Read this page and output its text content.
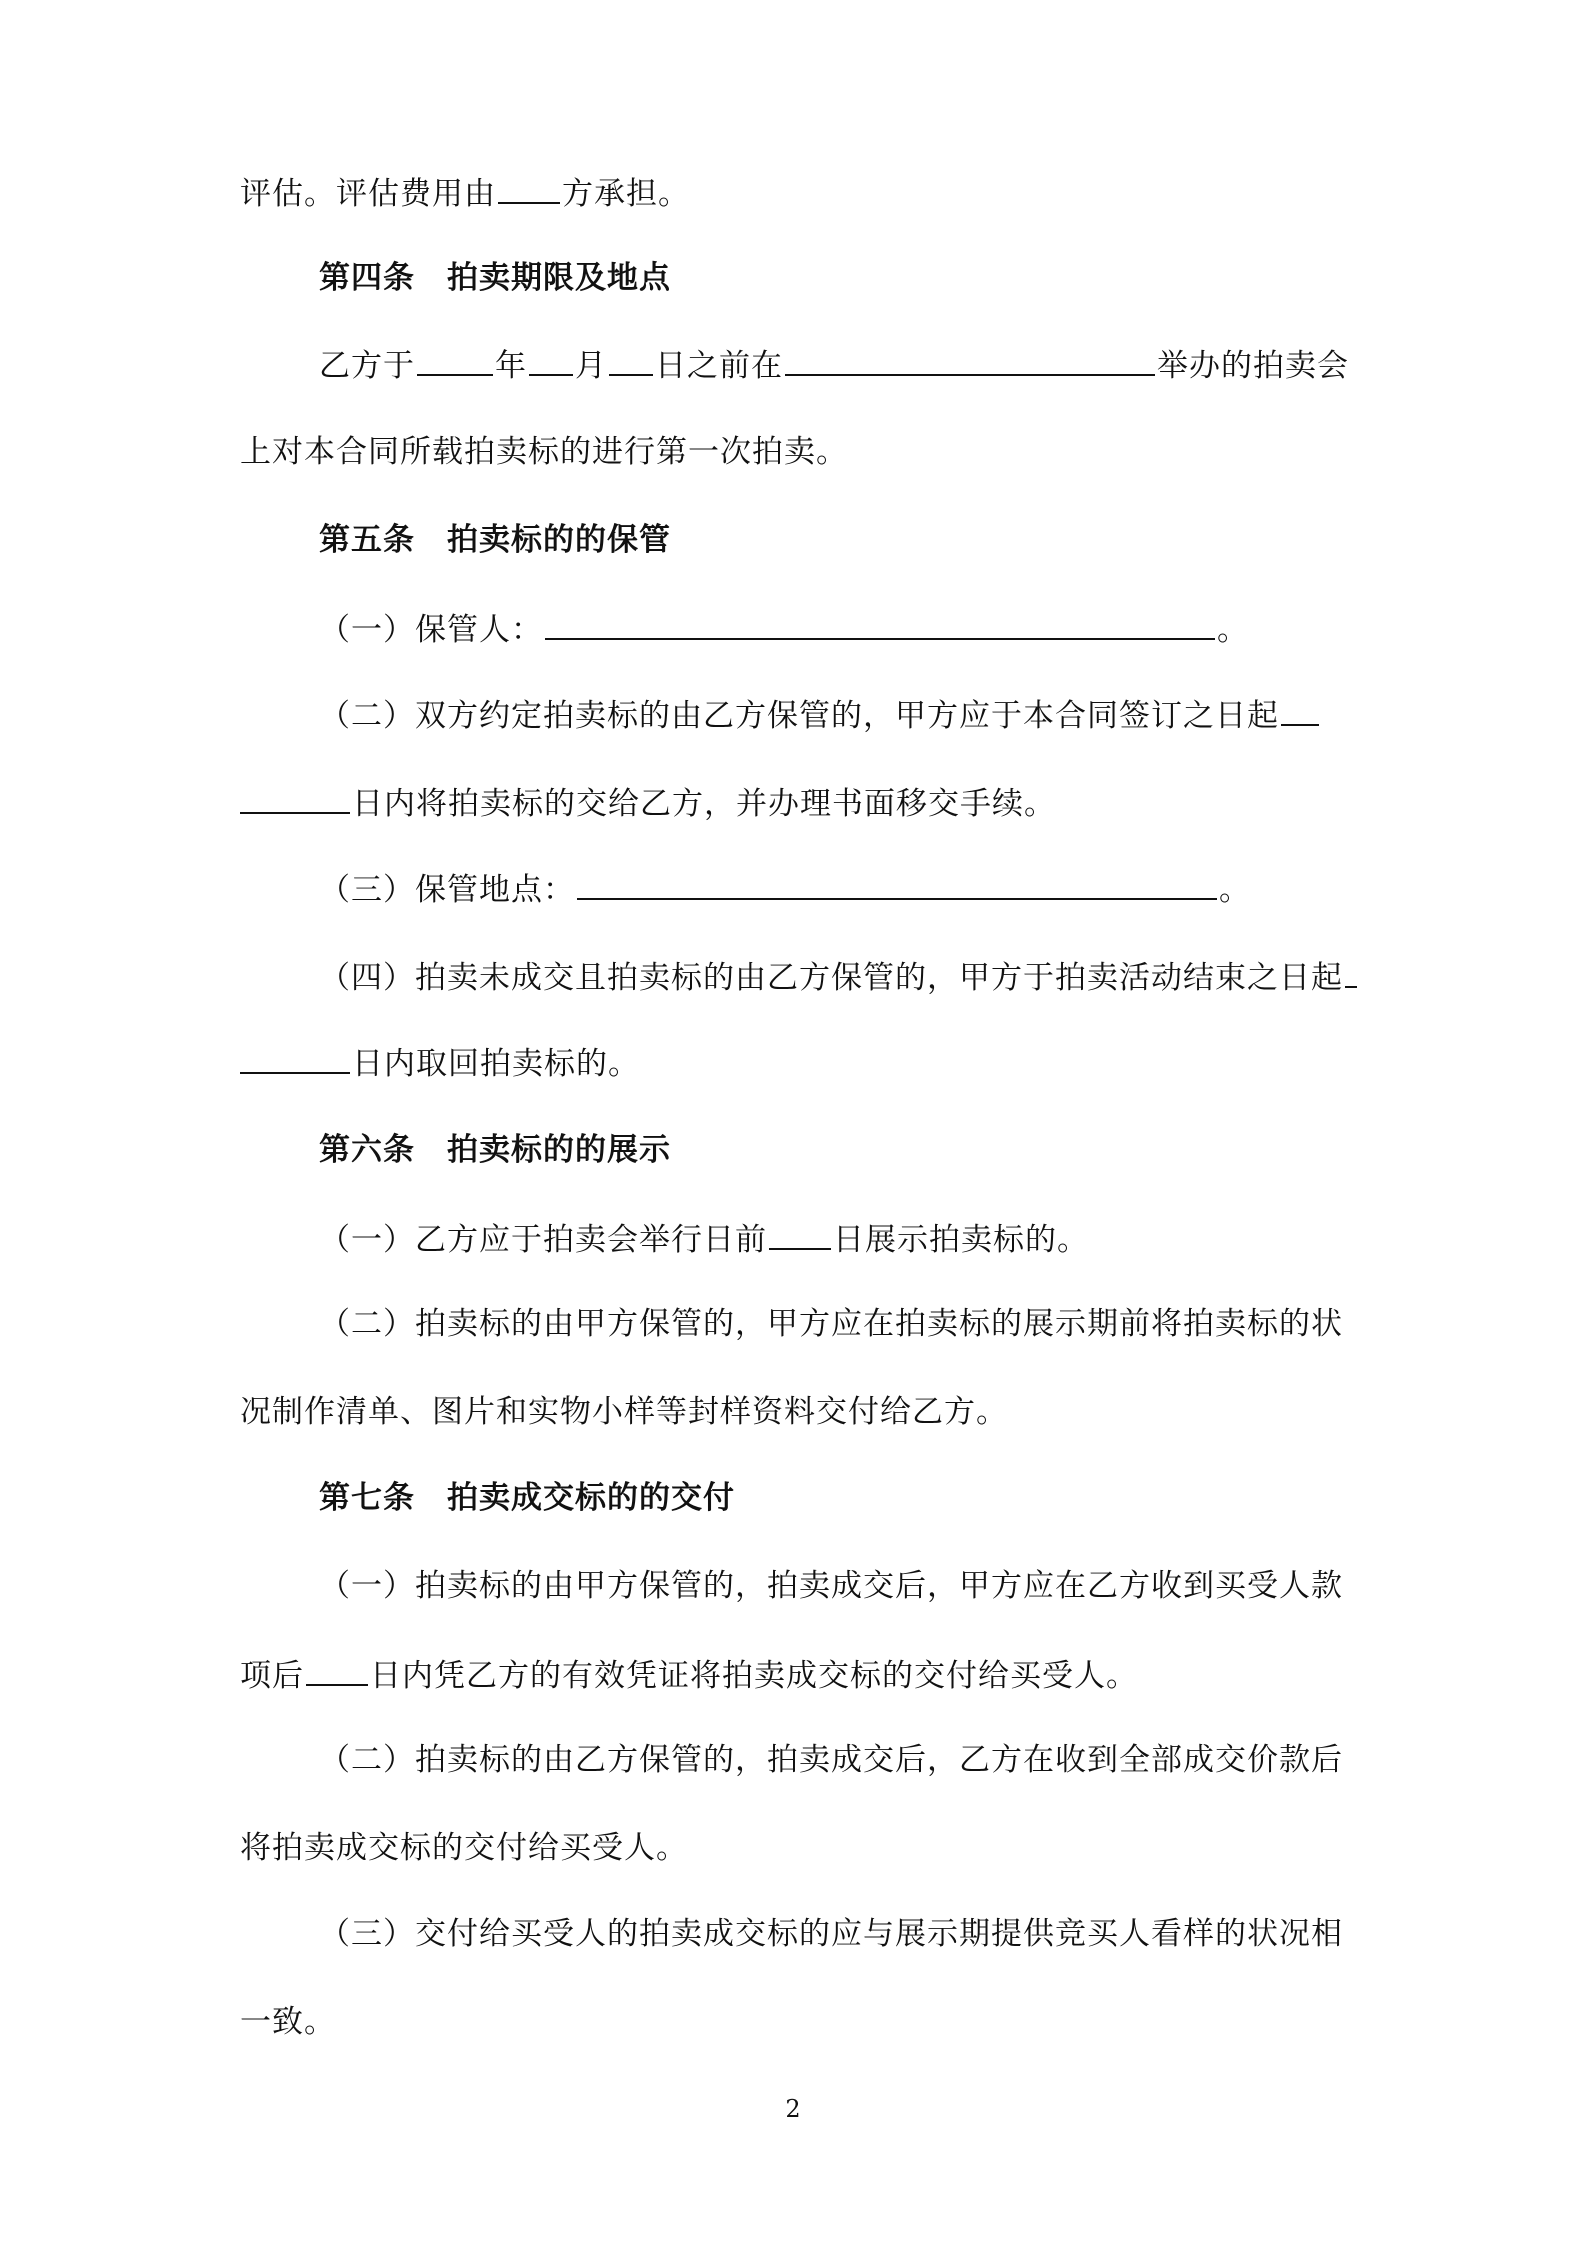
评估。评估费用由 方承担。
第四条 拍卖期限及地点
乙方于	年 月 日之前在	举办的拍卖会
上对本合同所载拍卖标的进行第一次拍卖。
第五条 拍卖标的的保管
（一）保管人：	。
（二）双方约定拍卖标的由乙方保管的，甲方应于本合同签订之日起
日内将拍卖标的交给乙方，并办理书面移交手续。
（三）保管地点：	。
（四）拍卖未成交且拍卖标的由乙方保管的，甲方于拍卖活动结束之日起
日内取回拍卖标的。
第六条 拍卖标的的展示
（一）乙方应于拍卖会举行日前 日展示拍卖标的。
（二）拍卖标的由甲方保管的，甲方应在拍卖标的展示期前将拍卖标的状
况制作清单、图片和实物小样等封样资料交付给乙方。
第七条 拍卖成交标的的交付
（一）拍卖标的由甲方保管的，拍卖成交后，甲方应在乙方收到买受人款
项后 日内凭乙方的有效凭证将拍卖成交标的交付给买受人。
（二）拍卖标的由乙方保管的，拍卖成交后，乙方在收到全部成交价款后
将拍卖成交标的交付给买受人。
（三）交付给买受人的拍卖成交标的应与展示期提供竞买人看样的状况相
一致。
2
